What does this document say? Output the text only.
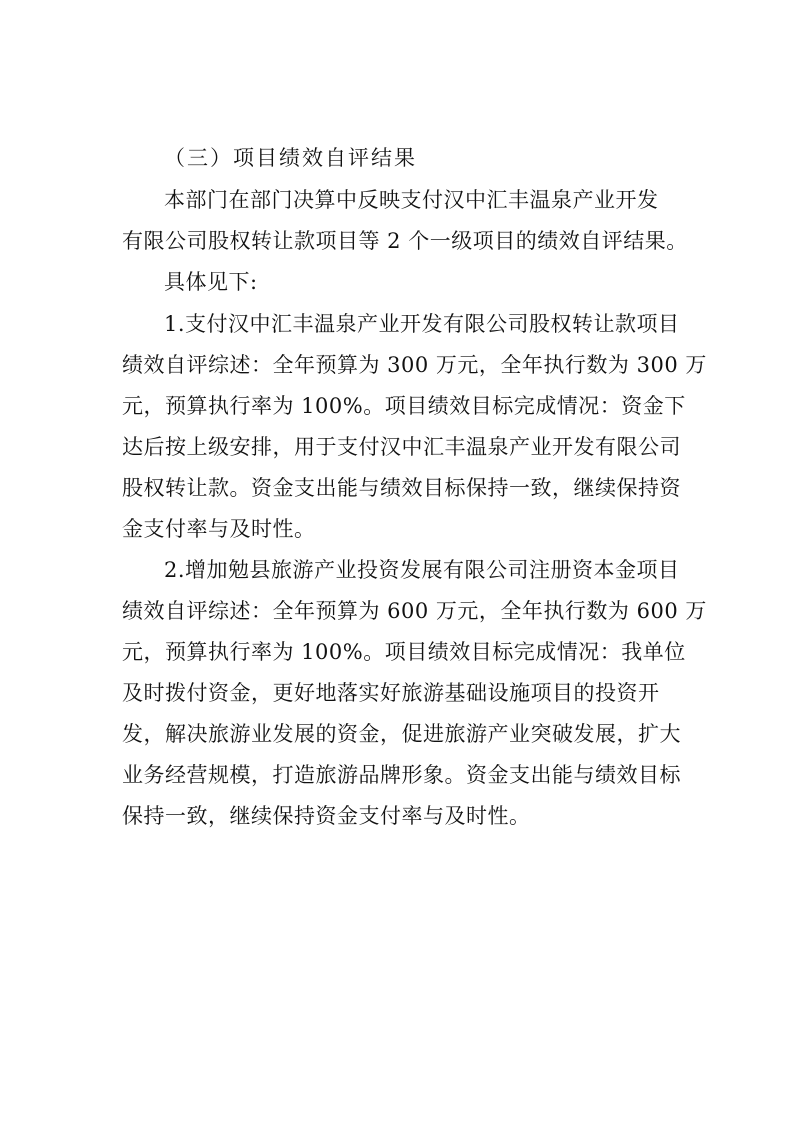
（三）项目绩效自评结果
本部门在部门决算中反映支付汉中汇丰温泉产业开发
有限公司股权转让款项目等 2 个一级项目的绩效自评结果。
具体见下:
1.支付汉中汇丰温泉产业开发有限公司股权转让款项目
绩效自评综述：全年预算为 300 万元，全年执行数为 300 万
元，预算执行率为 100%。项目绩效目标完成情况：资金下
达后按上级安排，用于支付汉中汇丰温泉产业开发有限公司
股权转让款。资金支出能与绩效目标保持一致，继续保持资
金支付率与及时性。
2.增加勉县旅游产业投资发展有限公司注册资本金项目
绩效自评综述：全年预算为 600 万元，全年执行数为 600 万
元，预算执行率为 100%。项目绩效目标完成情况：我单位
及时拨付资金，更好地落实好旅游基础设施项目的投资开
发，解决旅游业发展的资金，促进旅游产业突破发展，扩大
业务经营规模，打造旅游品牌形象。资金支出能与绩效目标
保持一致，继续保持资金支付率与及时性。
